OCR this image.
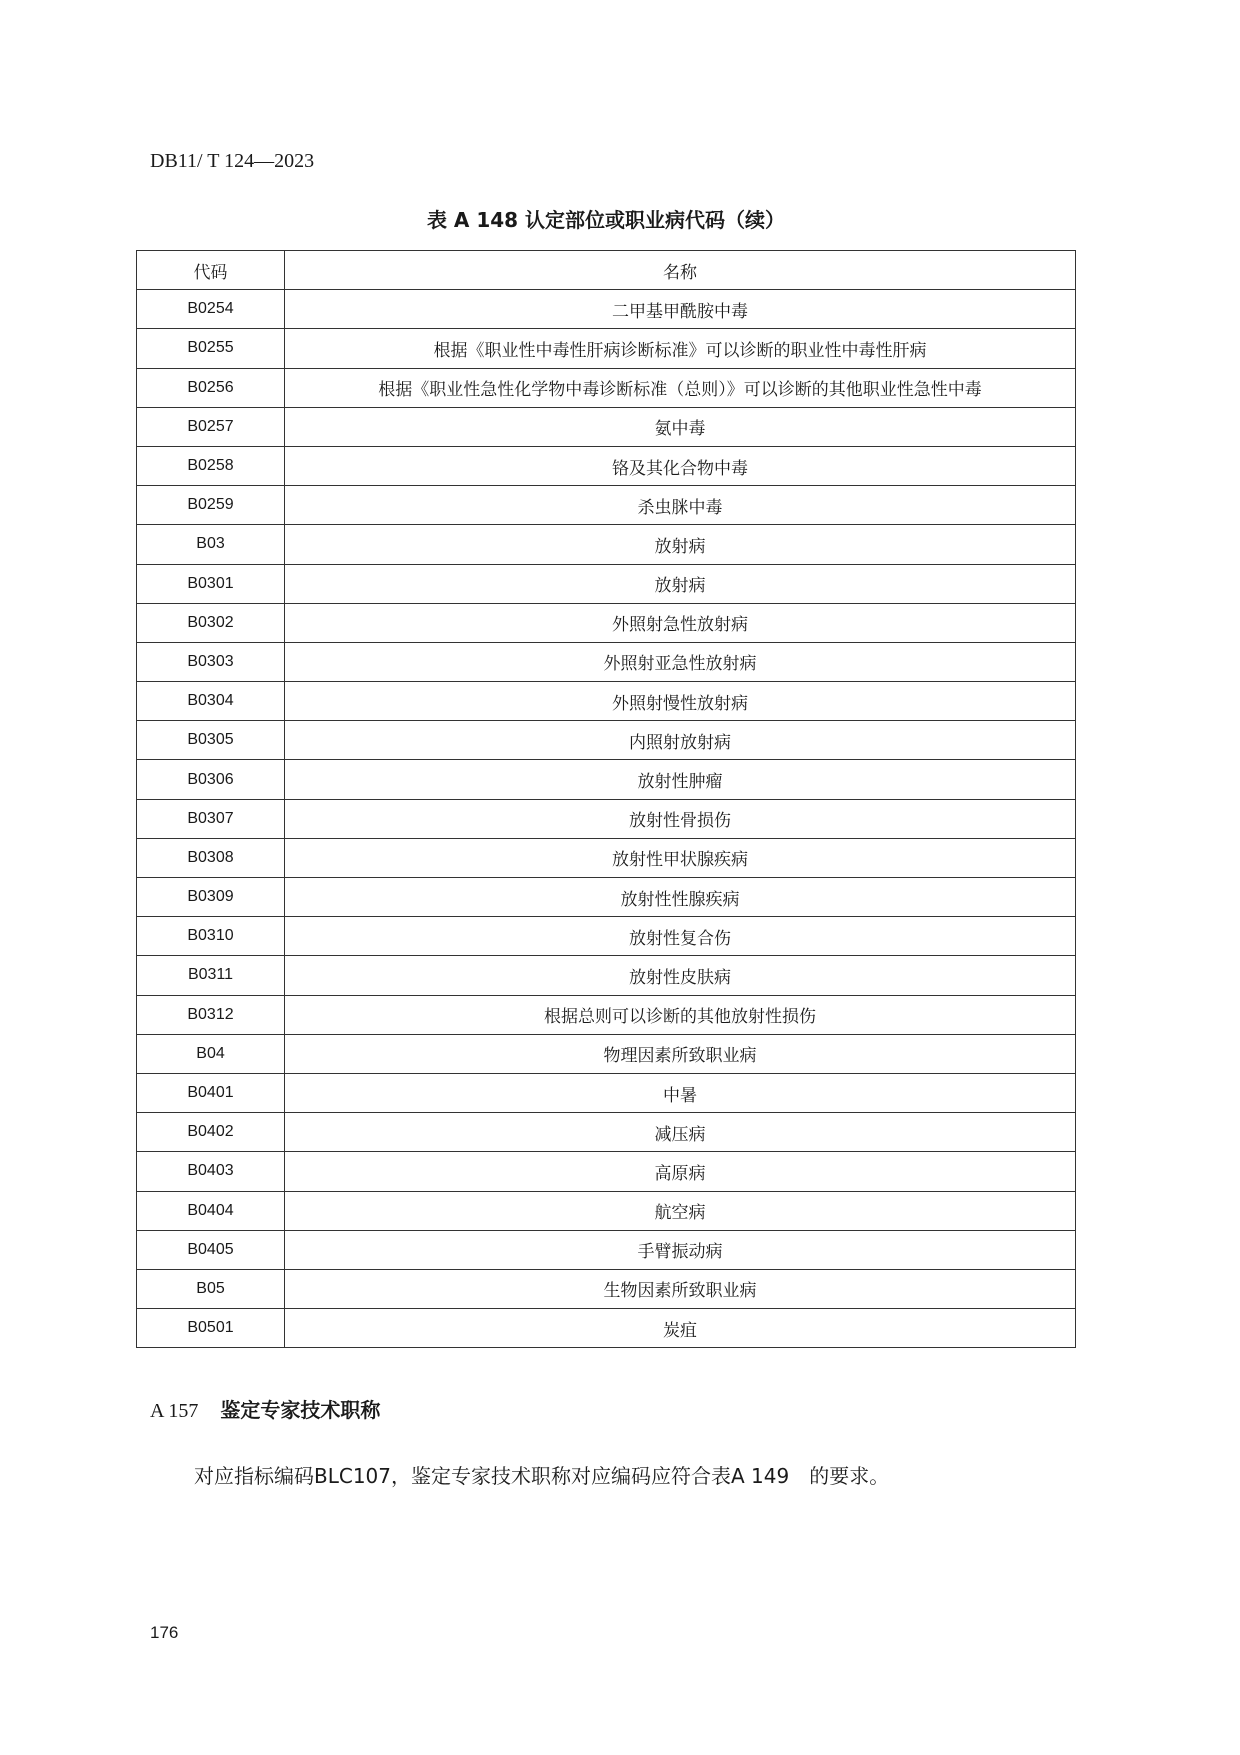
DB11/ T 124—2023
表 A 148 认定部位或职业病代码（续）
代码	名称
B0254	二甲基甲酰胺中毒
B0255	根据《职业性中毒性肝病诊断标准》可以诊断的职业性中毒性肝病
B0256	根据《职业性急性化学物中毒诊断标准（总则）》可以诊断的其他职业性急性中毒
B0257	氨中毒
B0258	铬及其化合物中毒
B0259	杀虫脒中毒
B03	放射病
B0301	放射病
B0302	外照射急性放射病
B0303	外照射亚急性放射病
B0304	外照射慢性放射病
B0305	内照射放射病
B0306	放射性肿瘤
B0307	放射性骨损伤
B0308	放射性甲状腺疾病
B0309	放射性性腺疾病
B0310	放射性复合伤
B0311	放射性皮肤病
B0312	根据总则可以诊断的其他放射性损伤
B04	物理因素所致职业病
B0401	中暑
B0402	减压病
B0403	高原病
B0404	航空病
B0405	手臂振动病
B05	生物因素所致职业病
B0501	炭疽
A 157 鉴定专家技术职称
对应指标编码BLC107，鉴定专家技术职称对应编码应符合表A 149　的要求。
176
